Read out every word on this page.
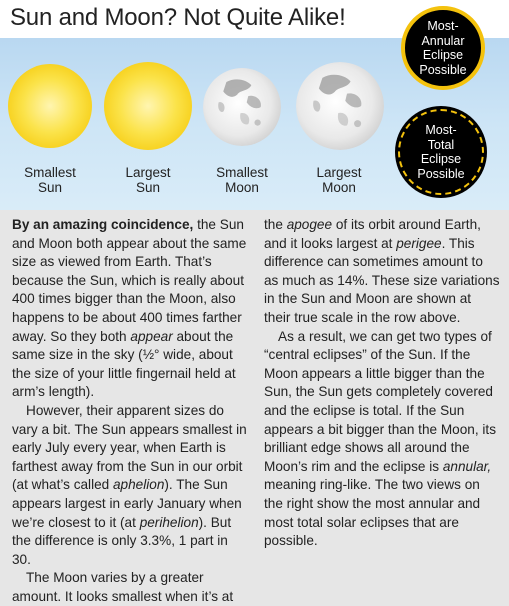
Sun and Moon? Not Quite Alike!
Smallest
Sun
Largest
Sun
Smallest
Moon
Largest
Moon
Most-
Annular
Eclipse
Possible
Most-
Total
Eclipse
Possible

By an amazing coincidence, the Sun and Moon both appear about the same size as viewed from Earth. That’s because the Sun, which is really about 400 times bigger than the Moon, also happens to be about 400 times farther away. So they both appear about the same size in the sky (½° wide, about the size of your little fingernail held at arm’s length).

However, their apparent sizes do vary a bit. The Sun appears smallest in early July every year, when Earth is farthest away from the Sun in our orbit (at what’s called aphelion). The Sun appears largest in early January when we’re closest to it (at perihelion). But the difference is only 3.3%, 1 part in 30.

The Moon varies by a greater amount. It looks smallest when it’s at

the apogee of its orbit around Earth, and it looks largest at perigee. This difference can sometimes amount to as much as 14%. These size variations in the Sun and Moon are shown at their true scale in the row above.

As a result, we can get two types of “central eclipses” of the Sun. If the Moon appears a little bigger than the Sun, the Sun gets completely covered and the eclipse is total. If the Sun appears a bit bigger than the Moon, its brilliant edge shows all around the Moon’s rim and the eclipse is annular, meaning ring-like. The two views on the right show the most annular and most total solar eclipses that are possible.
